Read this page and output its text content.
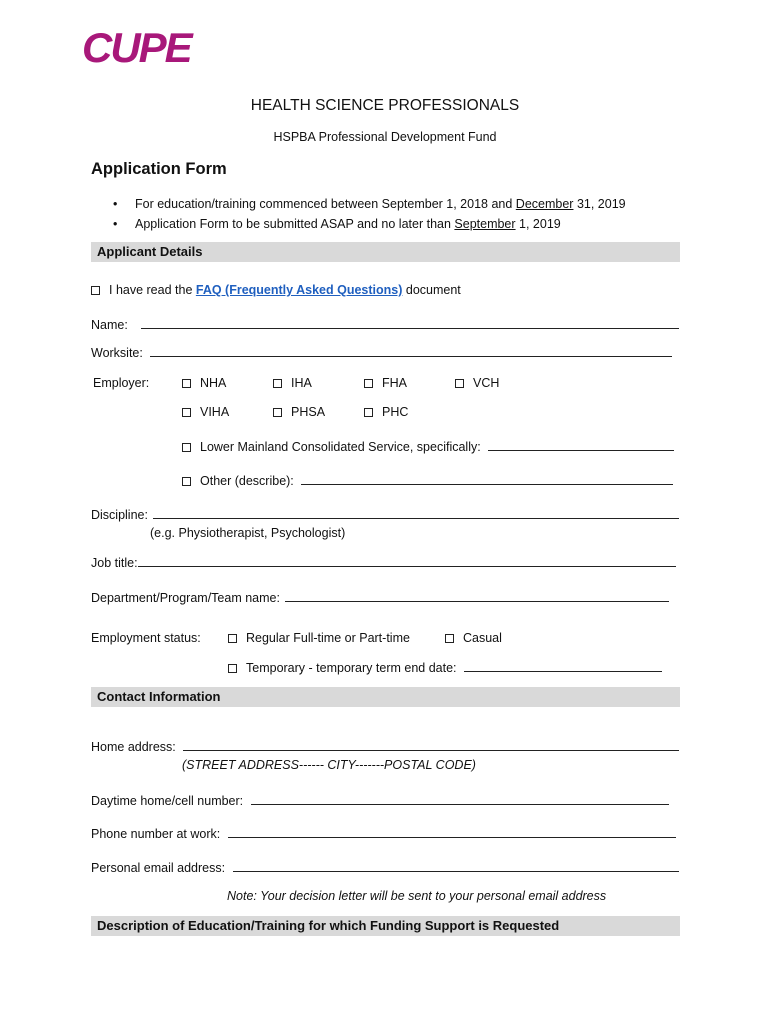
CUPE
HEALTH SCIENCE PROFESSIONALS
HSPBA Professional Development Fund
Application Form
• For education/training commenced between September 1, 2018 and December 31, 2019
• Application Form to be submitted ASAP and no later than September 1, 2019
Applicant Details
I have read the FAQ (Frequently Asked Questions) document
Name:
Worksite:
Employer:	NHA	IHA	FHA	VCH
VIHA	PHSA	PHC
Lower Mainland Consolidated Service, specifically:
Other (describe):
Discipline:
(e.g. Physiotherapist, Psychologist)
Job title:
Department/Program/Team name:
Employment status:	Regular Full-time or Part-time	Casual
Temporary - temporary term end date:
Contact Information
Home address:
(STREET ADDRESS------ CITY-------POSTAL CODE)
Daytime home/cell number:
Phone number at work:
Personal email address:
Note: Your decision letter will be sent to your personal email address
Description of Education/Training for which Funding Support is Requested
